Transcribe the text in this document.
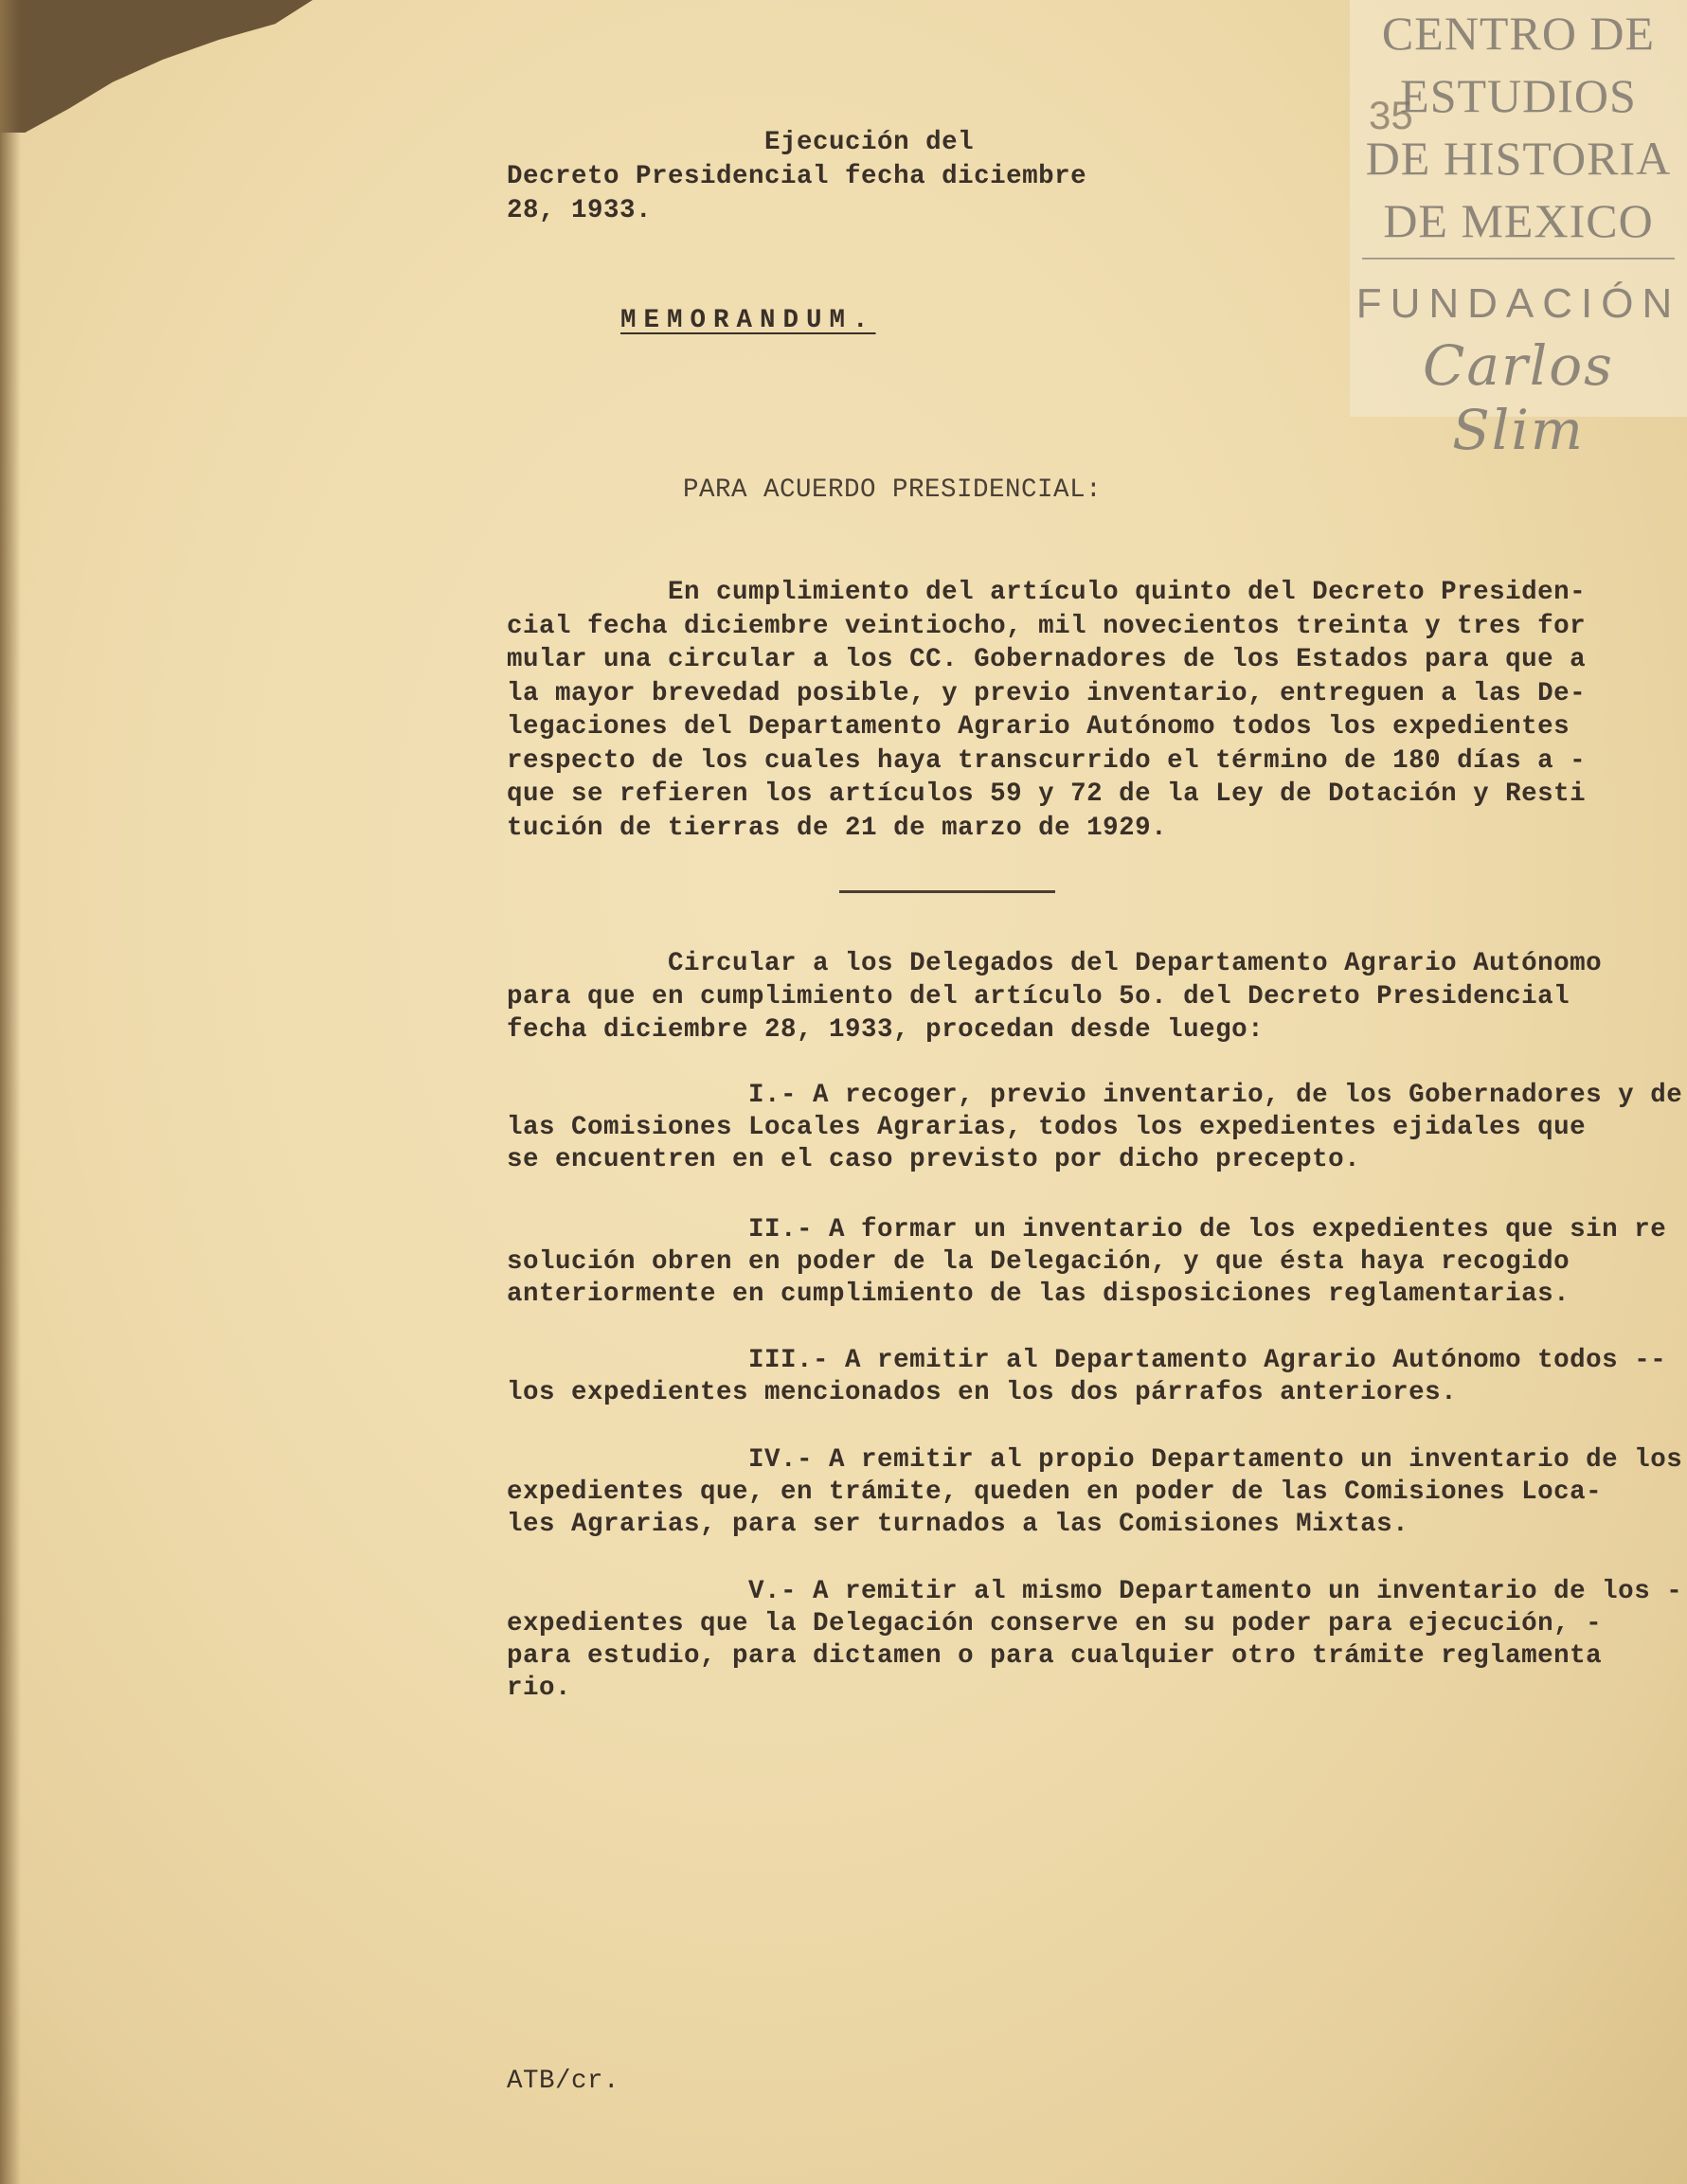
CENTRO DE
ESTUDIOS
DE HISTORIA
DE MEXICO
FUNDACIÓN
Carlos Slim
35
Ejecución del
Decreto Presidencial fecha diciembre
28, 1933.
MEMORANDUM.
PARA ACUERDO PRESIDENCIAL:
En cumplimiento del artículo quinto del Decreto Presiden-
cial fecha diciembre veintiocho, mil novecientos treinta y tres for
mular una circular a los CC. Gobernadores de los Estados para que a
la mayor brevedad posible, y previo inventario, entreguen a las De-
legaciones del Departamento Agrario Autónomo todos los expedientes
respecto de los cuales haya transcurrido el término de 180 días a -
que se refieren los artículos 59 y 72 de la Ley de Dotación y Resti
tución de tierras de 21 de marzo de 1929.
Circular a los Delegados del Departamento Agrario Autónomo
para que en cumplimiento del artículo 5o. del Decreto Presidencial
fecha diciembre 28, 1933, procedan desde luego:
I.- A recoger, previo inventario, de los Gobernadores y de
las Comisiones Locales Agrarias, todos los expedientes ejidales que
se encuentren en el caso previsto por dicho precepto.
II.- A formar un inventario de los expedientes que sin re
solución obren en poder de la Delegación, y que ésta haya recogido
anteriormente en cumplimiento de las disposiciones reglamentarias.
III.- A remitir al Departamento Agrario Autónomo todos --
los expedientes mencionados en los dos párrafos anteriores.
IV.- A remitir al propio Departamento un inventario de los
expedientes que, en trámite, queden en poder de las Comisiones Loca-
les Agrarias, para ser turnados a las Comisiones Mixtas.
V.- A remitir al mismo Departamento un inventario de los -
expedientes que la Delegación conserve en su poder para ejecución, -
para estudio, para dictamen o para cualquier otro trámite reglamenta
rio.
ATB/cr.
